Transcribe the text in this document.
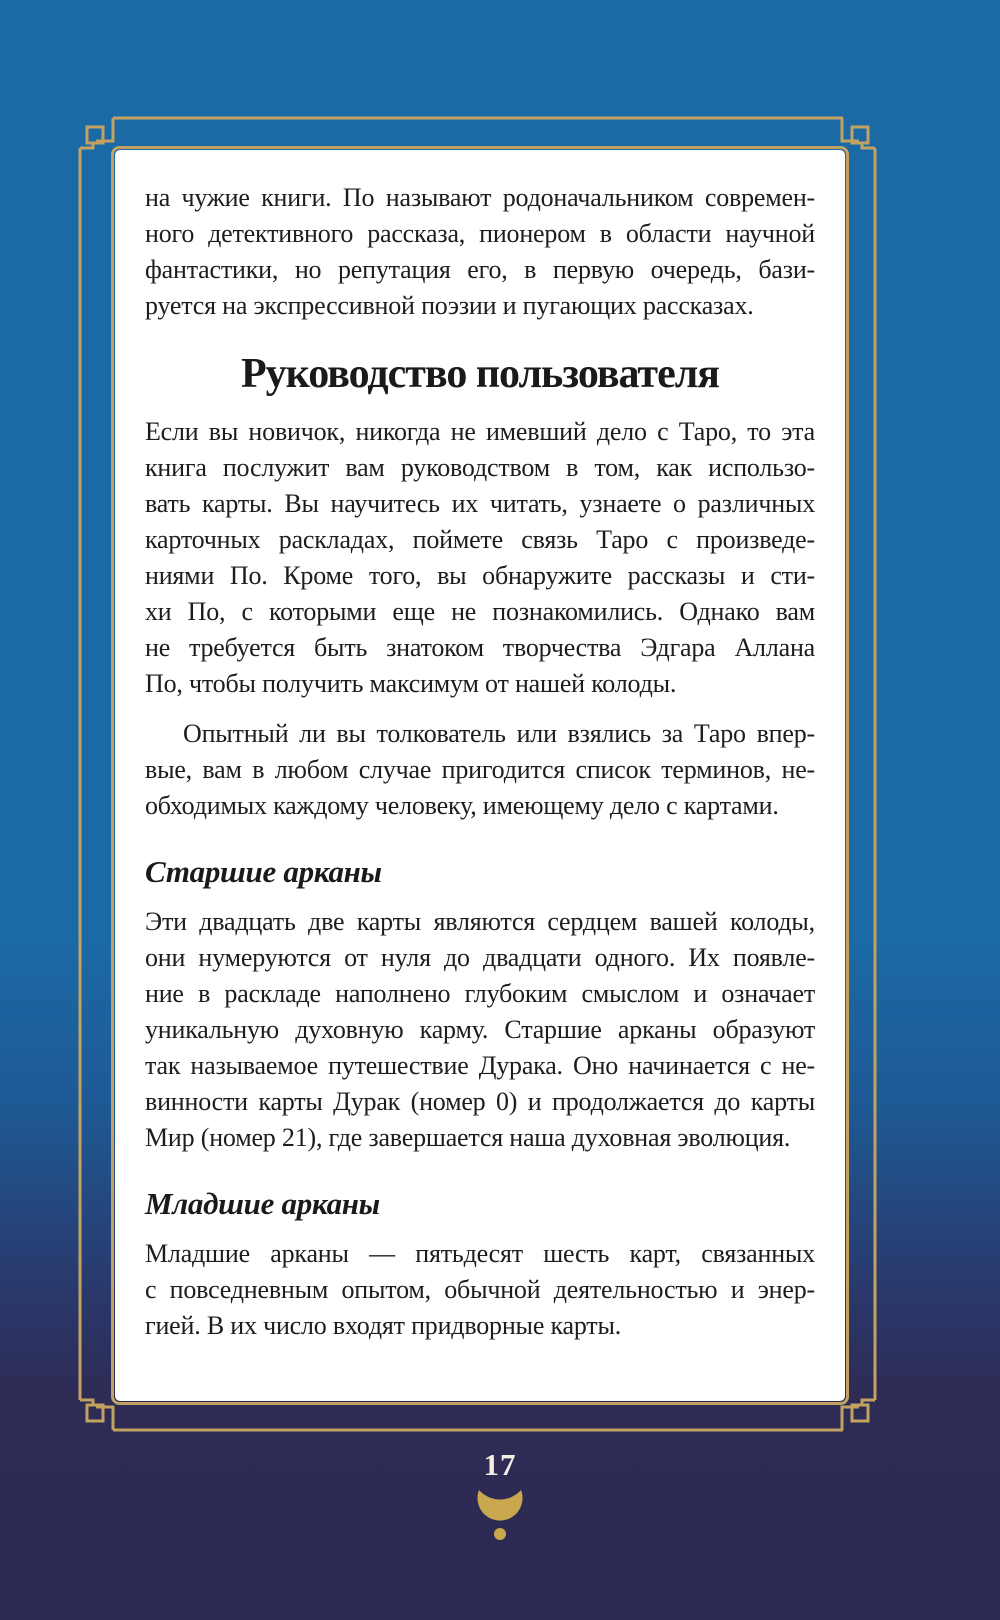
на чужие книги. По называют родоначальником современ-
ного детективного рассказа, пионером в области научной
фантастики, но репутация его, в первую очередь, бази-
руется на экспрессивной поэзии и пугающих рассказах.
Руководство пользователя
Если вы новичок, никогда не имевший дело с Таро, то эта
книга послужит вам руководством в том, как использо-
вать карты. Вы научитесь их читать, узнаете о различных
карточных раскладах, поймете связь Таро с произведе-
ниями По. Кроме того, вы обнаружите рассказы и сти-
хи По, с которыми еще не познакомились. Однако вам
не требуется быть знатоком творчества Эдгара Аллана
По, чтобы получить максимум от нашей колоды.
Опытный ли вы толкователь или взялись за Таро впер-
вые, вам в любом случае пригодится список терминов, не-
обходимых каждому человеку, имеющему дело с картами.
Старшие арканы
Эти двадцать две карты являются сердцем вашей колоды,
они нумеруются от нуля до двадцати одного. Их появле-
ние в раскладе наполнено глубоким смыслом и означает
уникальную духовную карму. Старшие арканы образуют
так называемое путешествие Дурака. Оно начинается с не-
винности карты Дурак (номер 0) и продолжается до карты
Мир (номер 21), где завершается наша духовная эволюция.
Младшие арканы
Младшие арканы — пятьдесят шесть карт, связанных
с повседневным опытом, обычной деятельностью и энер-
гией. В их число входят придворные карты.
17
